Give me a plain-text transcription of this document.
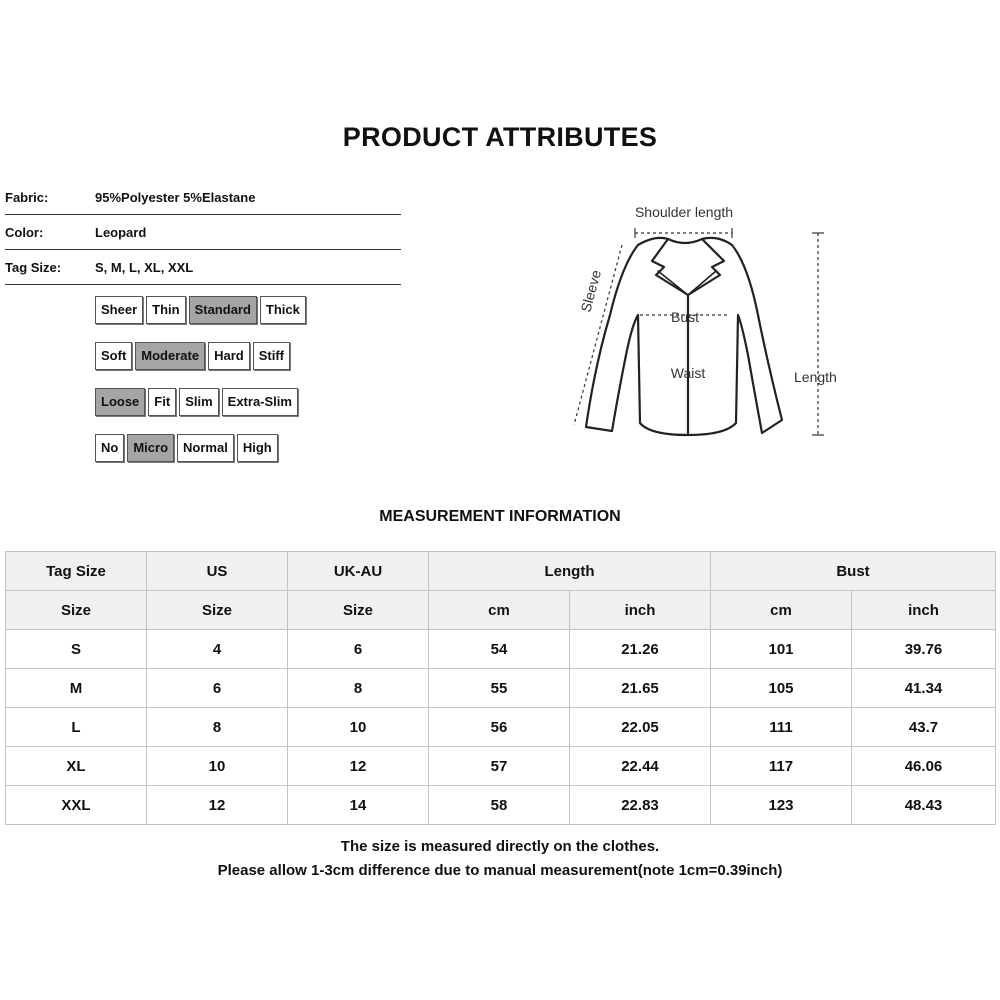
PRODUCT ATTRIBUTES
Fabric:	95%Polyester 5%Elastane
Color:	Leopard
Tag Size:	S, M, L, XL, XXL
Sheer	Thin	Standard	Thick
Soft	Moderate	Hard	Stiff
Loose	Fit	Slim	Extra-Slim
No	Micro	Normal	High
Shoulder length
Bust
Waist	Length
Sleeve
MEASUREMENT INFORMATION
Tag Size	US	UK-AU	Length		Bust	
Size	Size	Size	cm	inch	cm	inch
S	4	6	54	21.26	101	39.76
M	6	8	55	21.65	105	41.34
L	8	10	56	22.05	111	43.7
XL	10	12	57	22.44	117	46.06
XXL	12	14	58	22.83	123	48.43
The size is measured directly on the clothes.
Please allow 1-3cm difference due to manual measurement(note 1cm=0.39inch)
